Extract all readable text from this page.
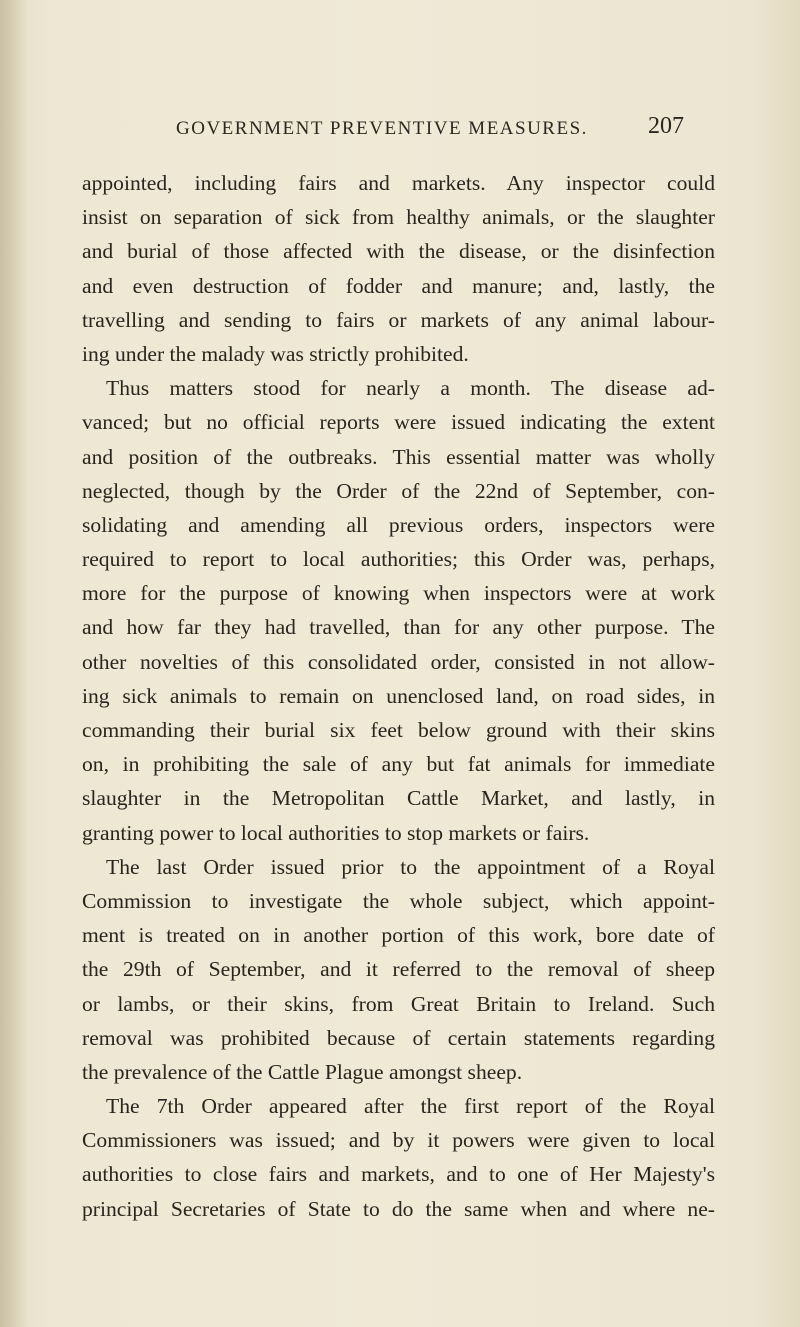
GOVERNMENT PREVENTIVE MEASURES.	207
appointed, including fairs and markets. Any inspector could
insist on separation of sick from healthy animals, or the slaughter
and burial of those affected with the disease, or the disinfection
and even destruction of fodder and manure; and, lastly, the
travelling and sending to fairs or markets of any animal labour-
ing under the malady was strictly prohibited.
Thus matters stood for nearly a month. The disease ad-
vanced; but no official reports were issued indicating the extent
and position of the outbreaks. This essential matter was wholly
neglected, though by the Order of the 22nd of September, con-
solidating and amending all previous orders, inspectors were
required to report to local authorities; this Order was, perhaps,
more for the purpose of knowing when inspectors were at work
and how far they had travelled, than for any other purpose. The
other novelties of this consolidated order, consisted in not allow-
ing sick animals to remain on unenclosed land, on road sides, in
commanding their burial six feet below ground with their skins
on, in prohibiting the sale of any but fat animals for immediate
slaughter in the Metropolitan Cattle Market, and lastly, in
granting power to local authorities to stop markets or fairs.
The last Order issued prior to the appointment of a Royal
Commission to investigate the whole subject, which appoint-
ment is treated on in another portion of this work, bore date of
the 29th of September, and it referred to the removal of sheep
or lambs, or their skins, from Great Britain to Ireland. Such
removal was prohibited because of certain statements regarding
the prevalence of the Cattle Plague amongst sheep.
The 7th Order appeared after the first report of the Royal
Commissioners was issued; and by it powers were given to local
authorities to close fairs and markets, and to one of Her Majesty's
principal Secretaries of State to do the same when and where ne-
